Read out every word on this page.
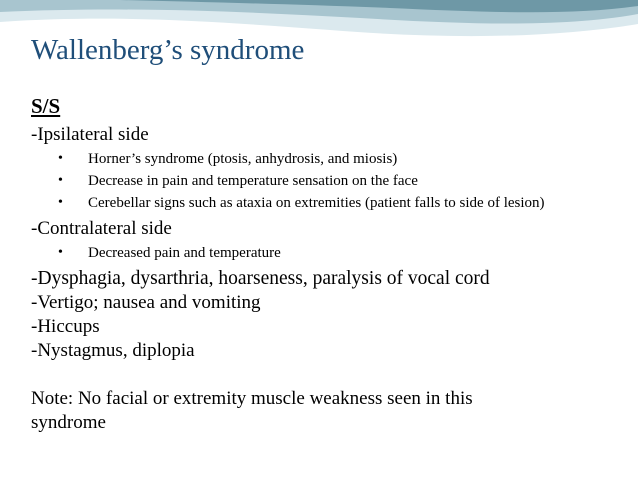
Wallenberg’s syndrome
S/S
-Ipsilateral side
• Horner’s syndrome (ptosis, anhydrosis, and miosis)
• Decrease in pain and temperature sensation on the face
• Cerebellar signs such as ataxia on extremities (patient falls to side of lesion)
-Contralateral side
• Decreased pain and temperature
-Dysphagia, dysarthria, hoarseness, paralysis of vocal cord
-Vertigo; nausea and vomiting
-Hiccups
-Nystagmus, diplopia
Note: No facial or extremity muscle weakness seen in this syndrome
